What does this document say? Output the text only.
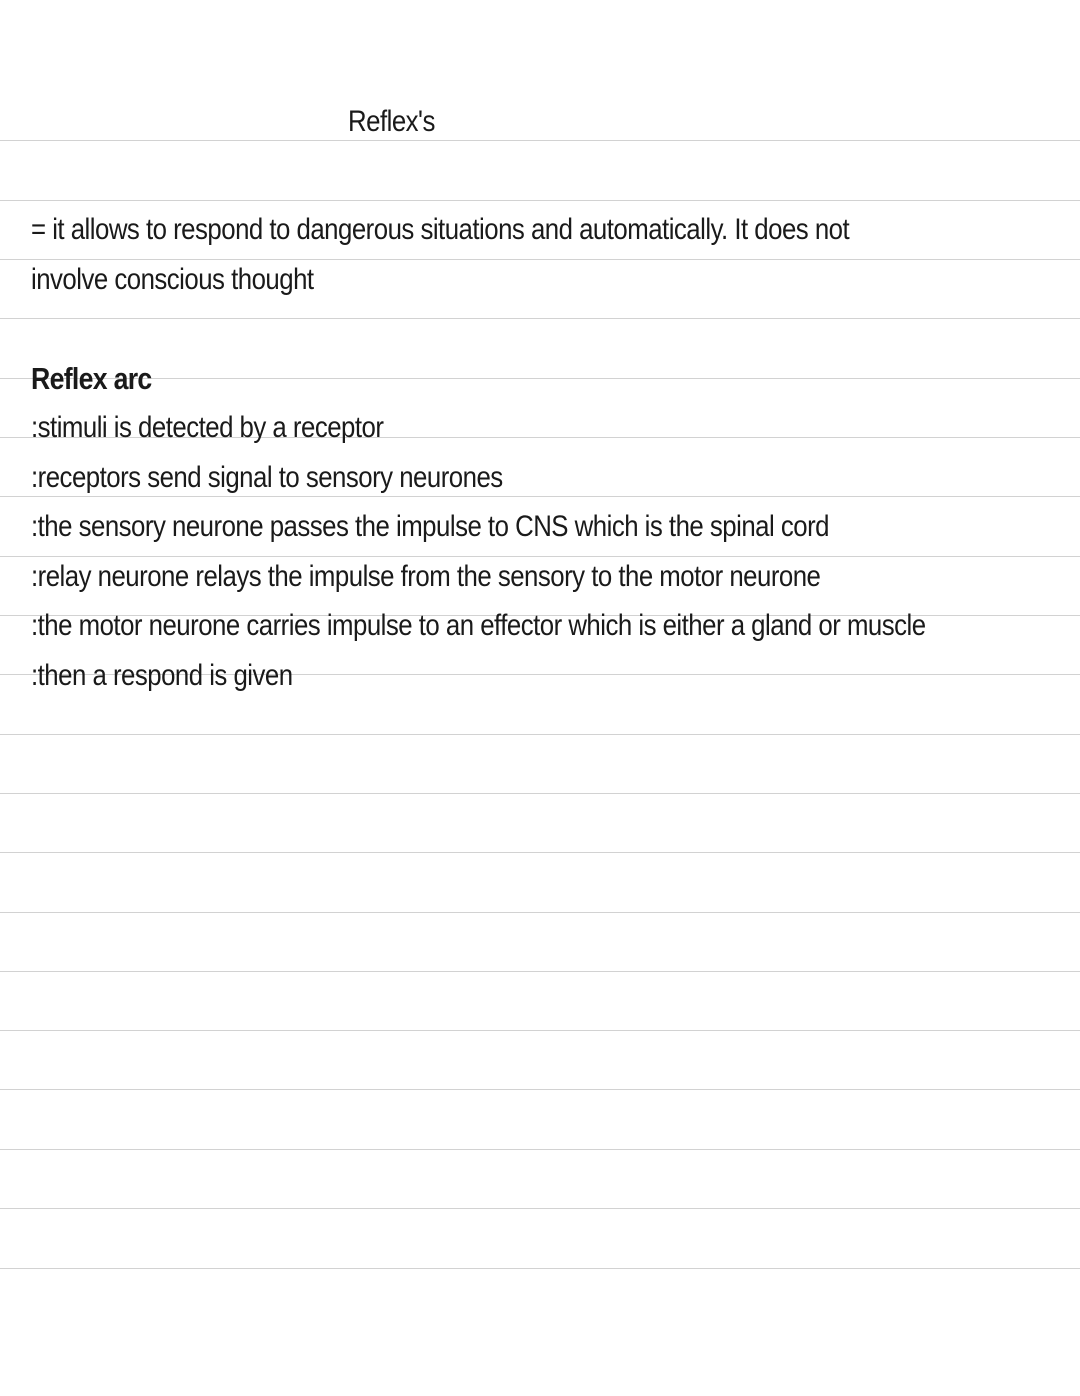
Reflex's
= it allows to respond to dangerous situations and automatically. It does not
involve conscious thought
Reflex arc
:stimuli is detected by a receptor
:receptors send signal to sensory neurones
:the sensory neurone passes the impulse to CNS which is the spinal cord
:relay neurone relays the impulse from the sensory to the motor neurone
:the motor neurone carries impulse to an effector which is either a gland or muscle
:then a respond is given
